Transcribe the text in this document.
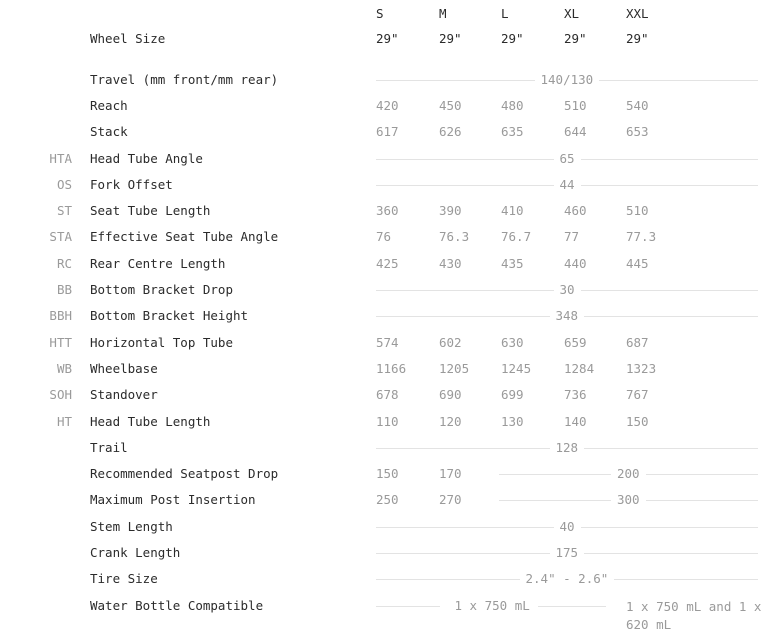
S	M	L	XL	XXL
Wheel Size	29"	29"	29"	29"	29"
Travel (mm front/mm rear)	140/130
Reach	420	450	480	510	540
Stack	617	626	635	644	653
HTA Head Tube Angle	65
OS Fork Offset	44
ST Seat Tube Length	360	390	410	460	510
STA Effective Seat Tube Angle	76	76.3	76.7	77	77.3
RC Rear Centre Length	425	430	435	440	445
BB Bottom Bracket Drop	30
BBH Bottom Bracket Height	348
HTT Horizontal Top Tube	574	602	630	659	687
WB Wheelbase	1166	1205	1245	1284	1323
SOH Standover	678	690	699	736	767
HT Head Tube Length	110	120	130	140	150
Trail	128
Recommended Seatpost Drop	150	170	200
Maximum Post Insertion	250	270	300
Stem Length	40
Crank Length	175
Tire Size	2.4" - 2.6"
Water Bottle Compatible	1 x 750 mL	1 x 750 mL and 1 x 620 mL
